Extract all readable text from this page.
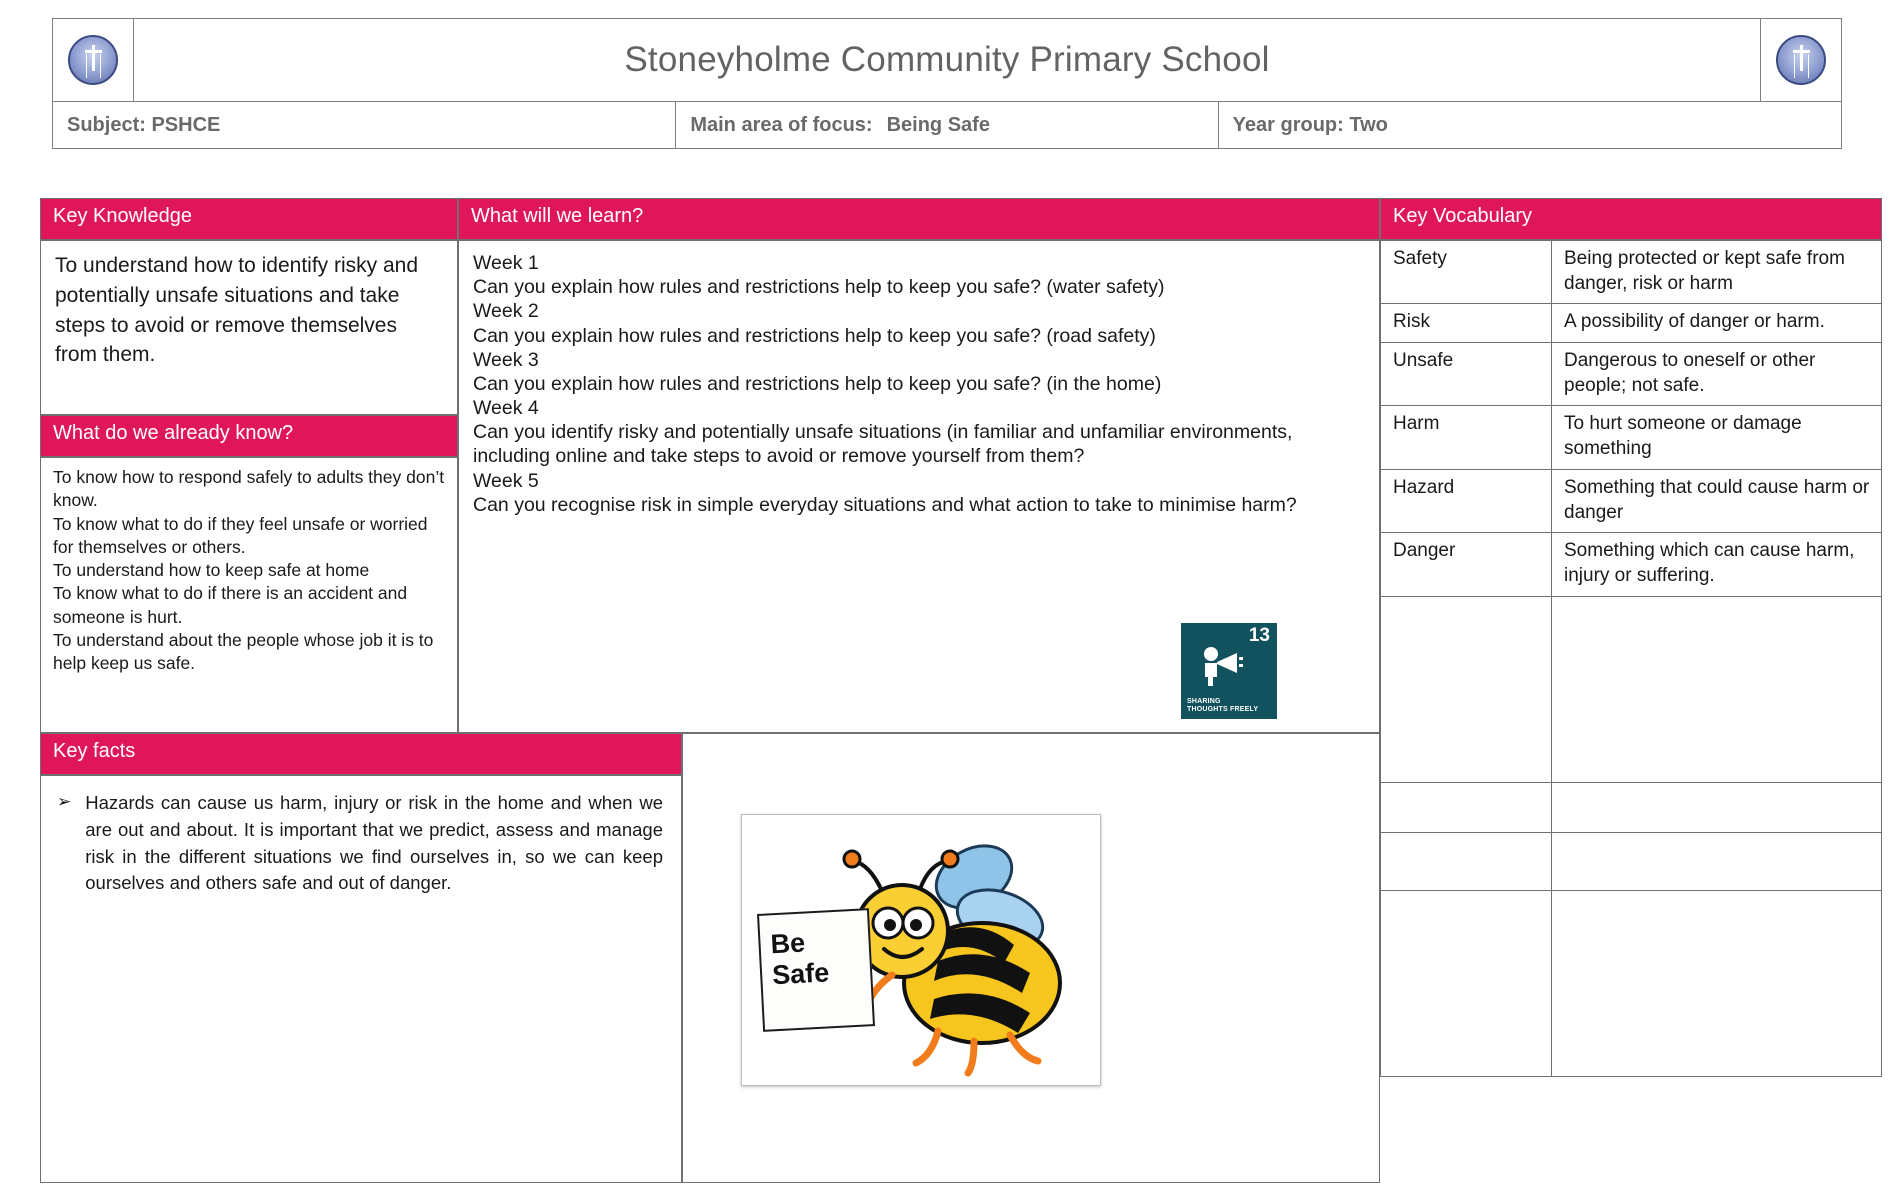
	Stoneyholme Community Primary School			

Subject: PSHCE		Main area of focus: Being Safe	Year group: Two	
Key Knowledge
To understand how to identify risky and potentially unsafe situations and take steps to avoid or remove themselves from them.
What do we already know?
To know how to respond safely to adults they don’t know.
To know what to do if they feel unsafe or worried for themselves or others.
To understand how to keep safe at home
To know what to do if there is an accident and someone is hurt.
To understand about the people whose job it is to help keep us safe.
What will we learn?
Week 1
Can you explain how rules and restrictions help to keep you safe? (water safety)
Week 2
Can you explain how rules and restrictions help to keep you safe? (road safety)
Week 3
Can you explain how rules and restrictions help to keep you safe? (in the home)
Week 4
Can you identify risky and potentially unsafe situations (in familiar and unfamiliar environments, including online and take steps to avoid or remove yourself from them?
Week 5
Can you recognise risk in simple everyday situations and what action to take to minimise harm?
13
SHARING
THOUGHTS FREELY
Key facts
➢ Hazards can cause us harm, injury or risk in the home and when we are out and about. It is important that we predict, assess and manage risk in the different situations we find ourselves in, so we can keep ourselves and others safe and out of danger.
Be
Safe
Key Vocabulary
Safety	Being protected or kept safe from danger, risk or harm
Risk	A possibility of danger or harm.
Unsafe	Dangerous to oneself or other people; not safe.
Harm	To hurt someone or damage something
Hazard	Something that could cause harm or danger
Danger	Something which can cause harm, injury or suffering.
